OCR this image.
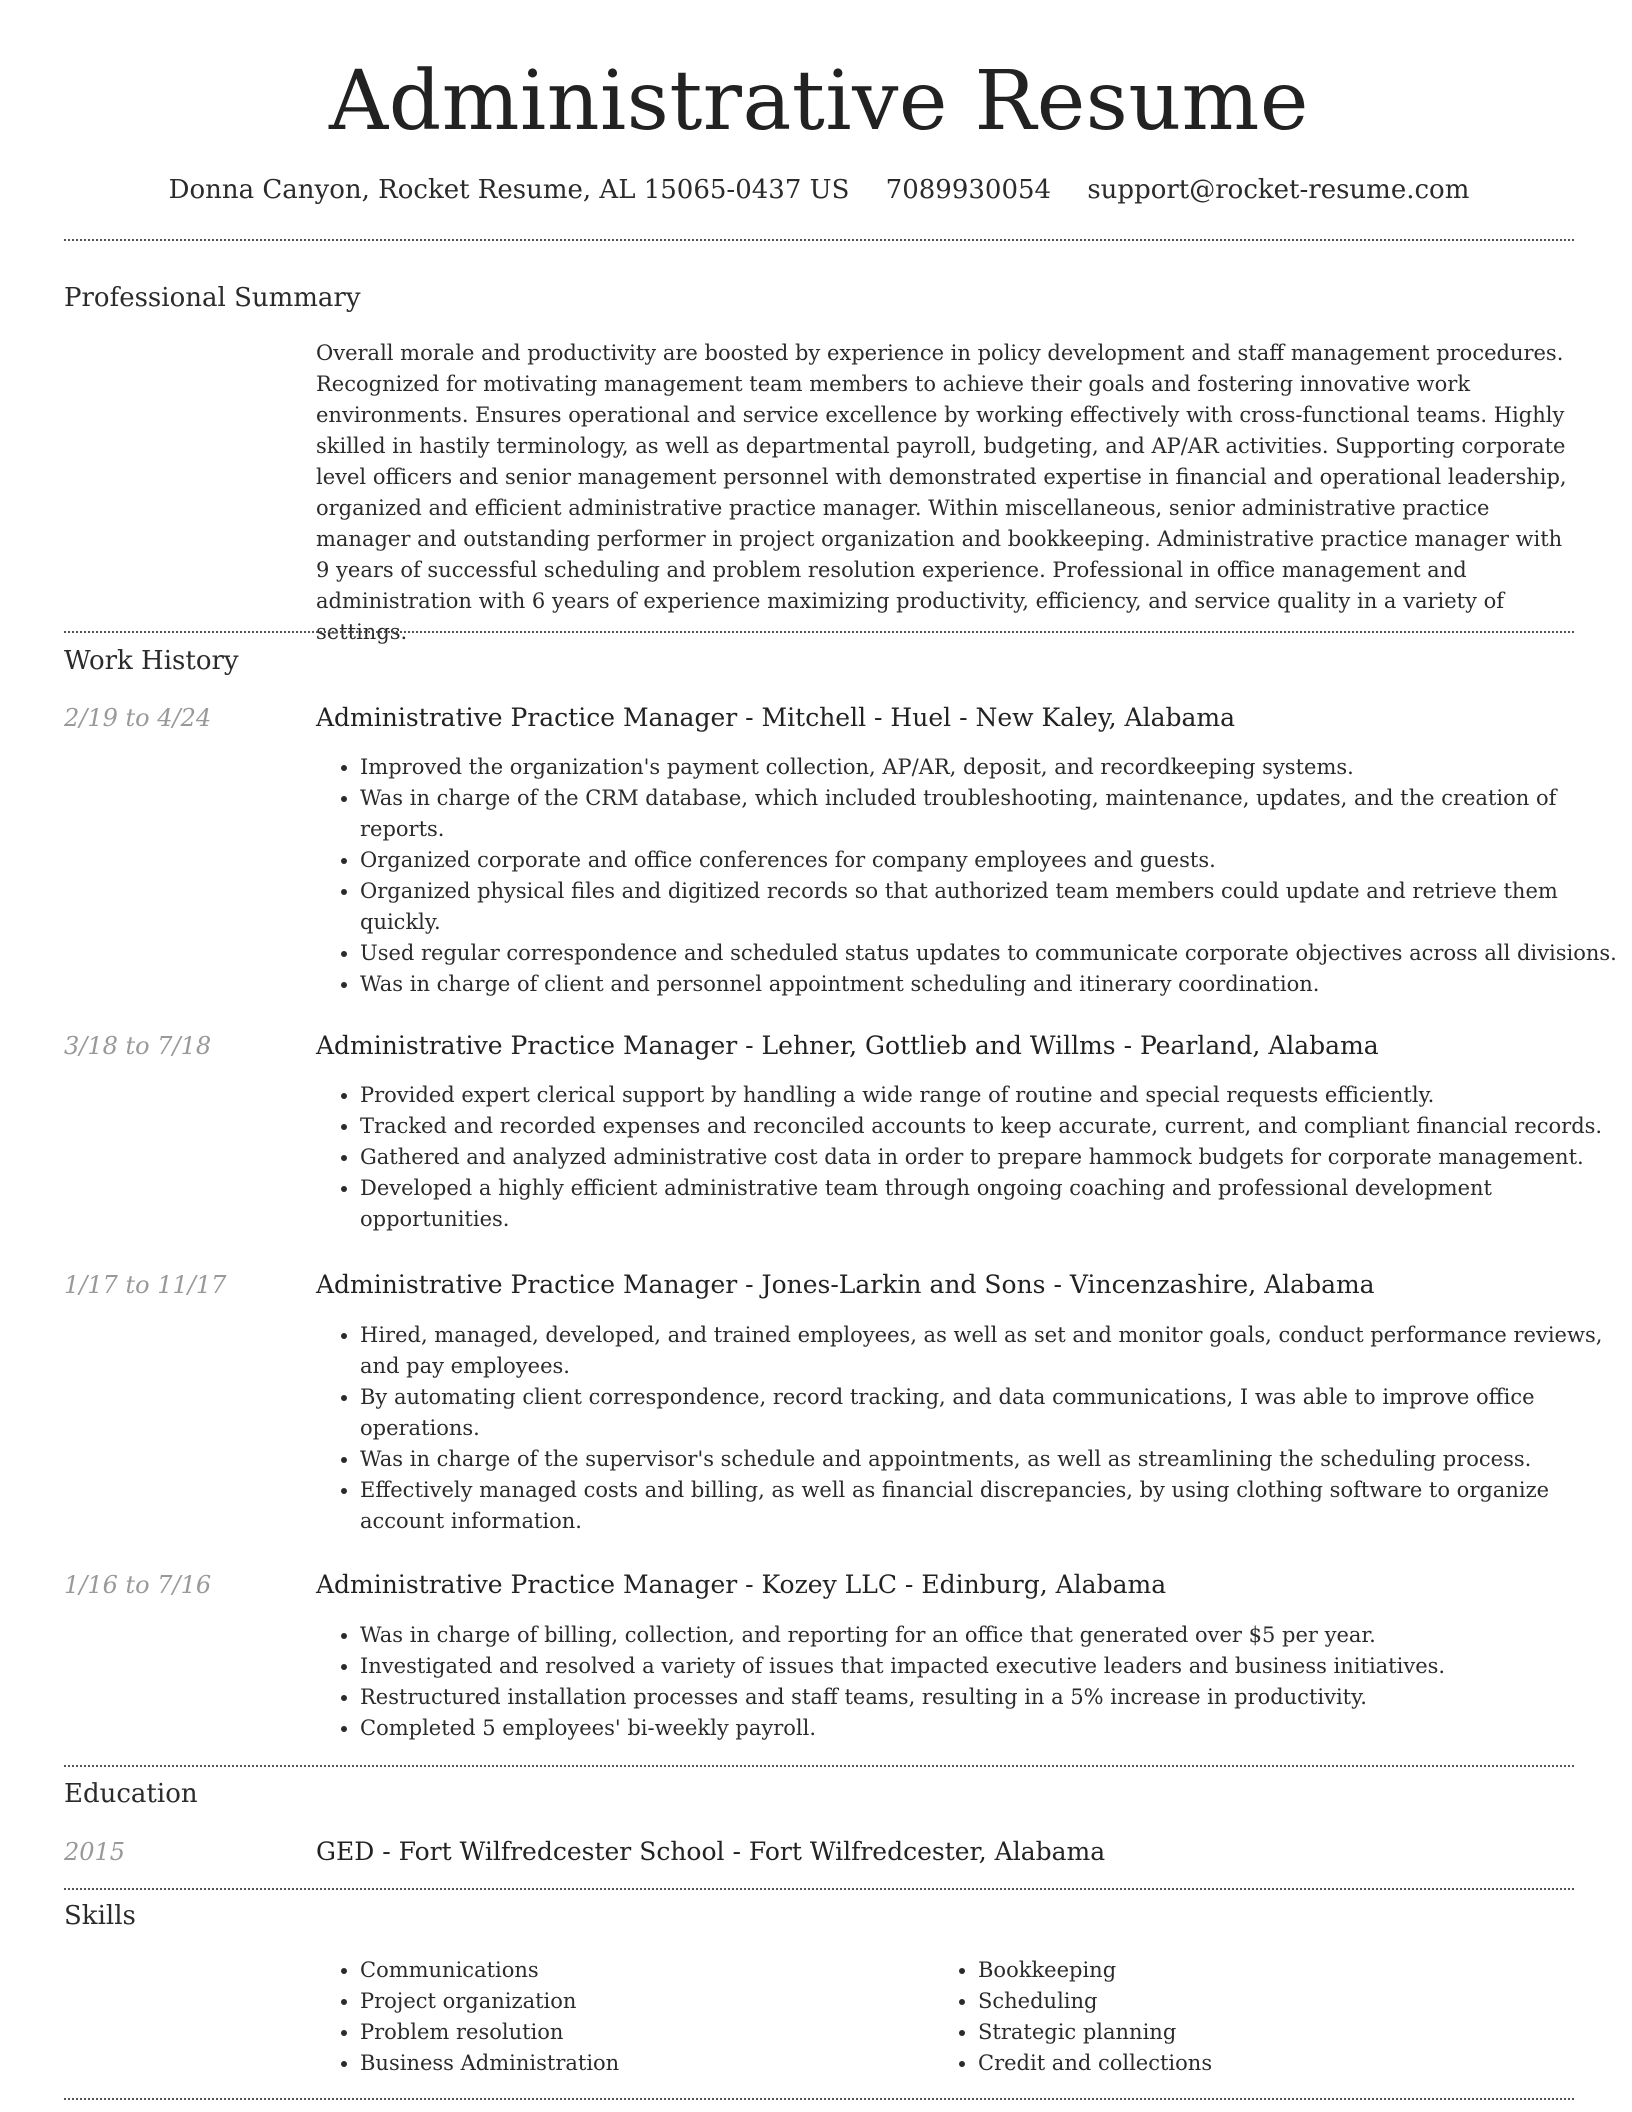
Administrative Resume
Donna Canyon, Rocket Resume, AL 15065-0437 US 7089930054 support@rocket-resume.com
Professional Summary

Overall morale and productivity are boosted by experience in policy development and staff management procedures. Recognized for motivating management team members to achieve their goals and fostering innovative work environments. Ensures operational and service excellence by working effectively with cross-functional teams. Highly skilled in hastily terminology, as well as departmental payroll, budgeting, and AP/AR activities. Supporting corporate level officers and senior management personnel with demonstrated expertise in financial and operational leadership, organized and efficient administrative practice manager. Within miscellaneous, senior administrative practice manager and outstanding performer in project organization and bookkeeping. Administrative practice manager with 9 years of successful scheduling and problem resolution experience. Professional in office management and administration with 6 years of experience maximizing productivity, efficiency, and service quality in a variety of settings.

Work History
2/19 to 4/24	Administrative Practice Manager - Mitchell - Huel - New Kaley, Alabama
• Improved the organization's payment collection, AP/AR, deposit, and recordkeeping systems.
• Was in charge of the CRM database, which included troubleshooting, maintenance, updates, and the creation of reports.
• Organized corporate and office conferences for company employees and guests.
• Organized physical files and digitized records so that authorized team members could update and retrieve them quickly.
• Used regular correspondence and scheduled status updates to communicate corporate objectives across all divisions.
• Was in charge of client and personnel appointment scheduling and itinerary coordination.
3/18 to 7/18	Administrative Practice Manager - Lehner, Gottlieb and Willms - Pearland, Alabama
• Provided expert clerical support by handling a wide range of routine and special requests efficiently.
• Tracked and recorded expenses and reconciled accounts to keep accurate, current, and compliant financial records.
• Gathered and analyzed administrative cost data in order to prepare hammock budgets for corporate management.
• Developed a highly efficient administrative team through ongoing coaching and professional development opportunities.
1/17 to 11/17	Administrative Practice Manager - Jones-Larkin and Sons - Vincenzashire, Alabama
• Hired, managed, developed, and trained employees, as well as set and monitor goals, conduct performance reviews, and pay employees.
• By automating client correspondence, record tracking, and data communications, I was able to improve office operations.
• Was in charge of the supervisor's schedule and appointments, as well as streamlining the scheduling process.
• Effectively managed costs and billing, as well as financial discrepancies, by using clothing software to organize account information.
1/16 to 7/16	Administrative Practice Manager - Kozey LLC - Edinburg, Alabama
• Was in charge of billing, collection, and reporting for an office that generated over $5 per year.
• Investigated and resolved a variety of issues that impacted executive leaders and business initiatives.
• Restructured installation processes and staff teams, resulting in a 5% increase in productivity.
• Completed 5 employees' bi-weekly payroll.
Education
2015	GED - Fort Wilfredcester School - Fort Wilfredcester, Alabama
Skills
• Communications
• Project organization
• Problem resolution
• Business Administration
• Bookkeeping
• Scheduling
• Strategic planning
• Credit and collections
